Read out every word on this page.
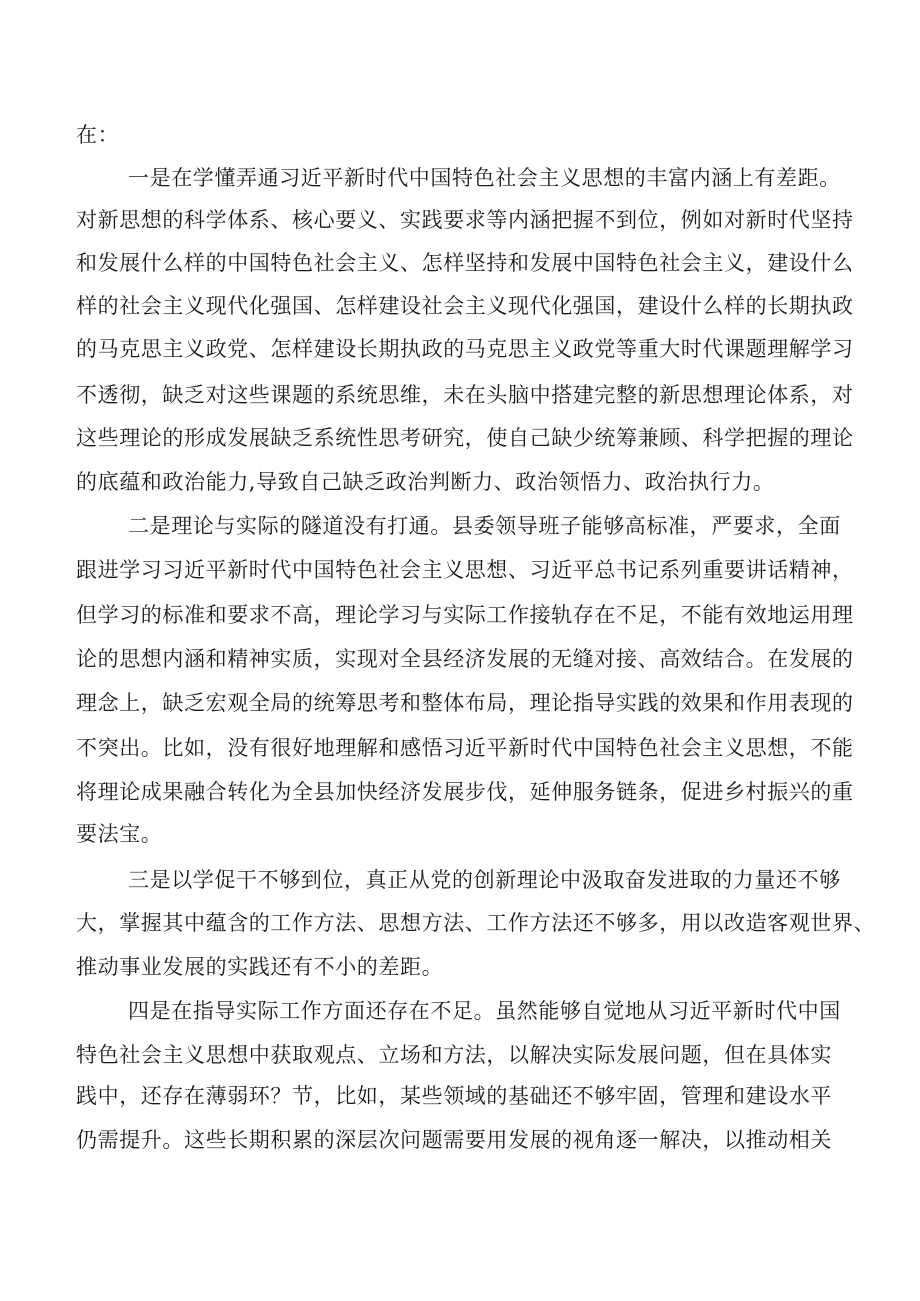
在：
一是在学懂弄通习近平新时代中国特色社会主义思想的丰富内涵上有差距。
对新思想的科学体系、核心要义、实践要求等内涵把握不到位，例如对新时代坚持
和发展什么样的中国特色社会主义、怎样坚持和发展中国特色社会主义，建设什么
样的社会主义现代化强国、怎样建设社会主义现代化强国，建设什么样的长期执政
的马克思主义政党、怎样建设长期执政的马克思主义政党等重大时代课题理解学习
不透彻，缺乏对这些课题的系统思维，未在头脑中搭建完整的新思想理论体系，对
这些理论的形成发展缺乏系统性思考研究，使自己缺少统筹兼顾、科学把握的理论
的底蕴和政治能力,导致自己缺乏政治判断力、政治领悟力、政治执行力。
二是理论与实际的隧道没有打通。县委领导班子能够高标准，严要求，全面
跟进学习习近平新时代中国特色社会主义思想、习近平总书记系列重要讲话精神，
但学习的标准和要求不高，理论学习与实际工作接轨存在不足，不能有效地运用理
论的思想内涵和精神实质，实现对全县经济发展的无缝对接、高效结合。在发展的
理念上，缺乏宏观全局的统筹思考和整体布局，理论指导实践的效果和作用表现的
不突出。比如，没有很好地理解和感悟习近平新时代中国特色社会主义思想，不能
将理论成果融合转化为全县加快经济发展步伐，延伸服务链条，促进乡村振兴的重
要法宝。
三是以学促干不够到位，真正从党的创新理论中汲取奋发进取的力量还不够
大，掌握其中蕴含的工作方法、思想方法、工作方法还不够多，用以改造客观世界、
推动事业发展的实践还有不小的差距。
四是在指导实际工作方面还存在不足。虽然能够自觉地从习近平新时代中国
特色社会主义思想中获取观点、立场和方法，以解决实际发展问题，但在具体实
践中，还存在薄弱环？节，比如，某些领域的基础还不够牢固，管理和建设水平
仍需提升。这些长期积累的深层次问题需要用发展的视角逐一解决，以推动相关
